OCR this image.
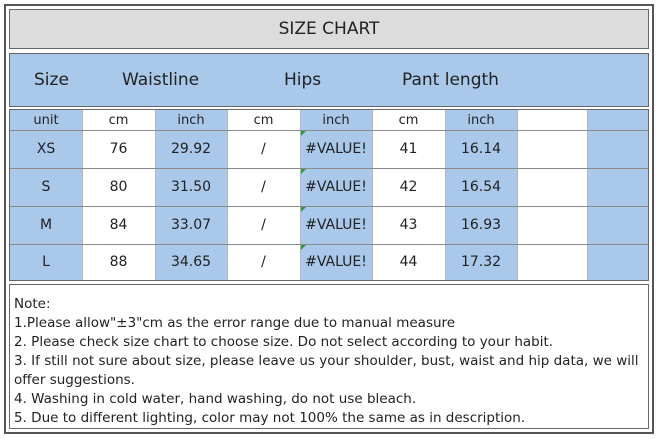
SIZE CHART
Size	Waistline	Hips	Pant length
unit	cm	inch	cm	inch	cm	inch
XS	76	29.92	/	#VALUE!	41	16.14
S	80	31.50	/	#VALUE!	42	16.54
M	84	33.07	/	#VALUE!	43	16.93
L	88	34.65	/	#VALUE!	44	17.32
Note:
1.Please allow"±3"cm as the error range due to manual measure
2. Please check size chart to choose size. Do not select according to your habit.
3. If still not sure about size, please leave us your shoulder, bust, waist and hip data, we will offer suggestions.
4. Washing in cold water, hand washing, do not use bleach.
5. Due to different lighting, color may not 100% the same as in description.
